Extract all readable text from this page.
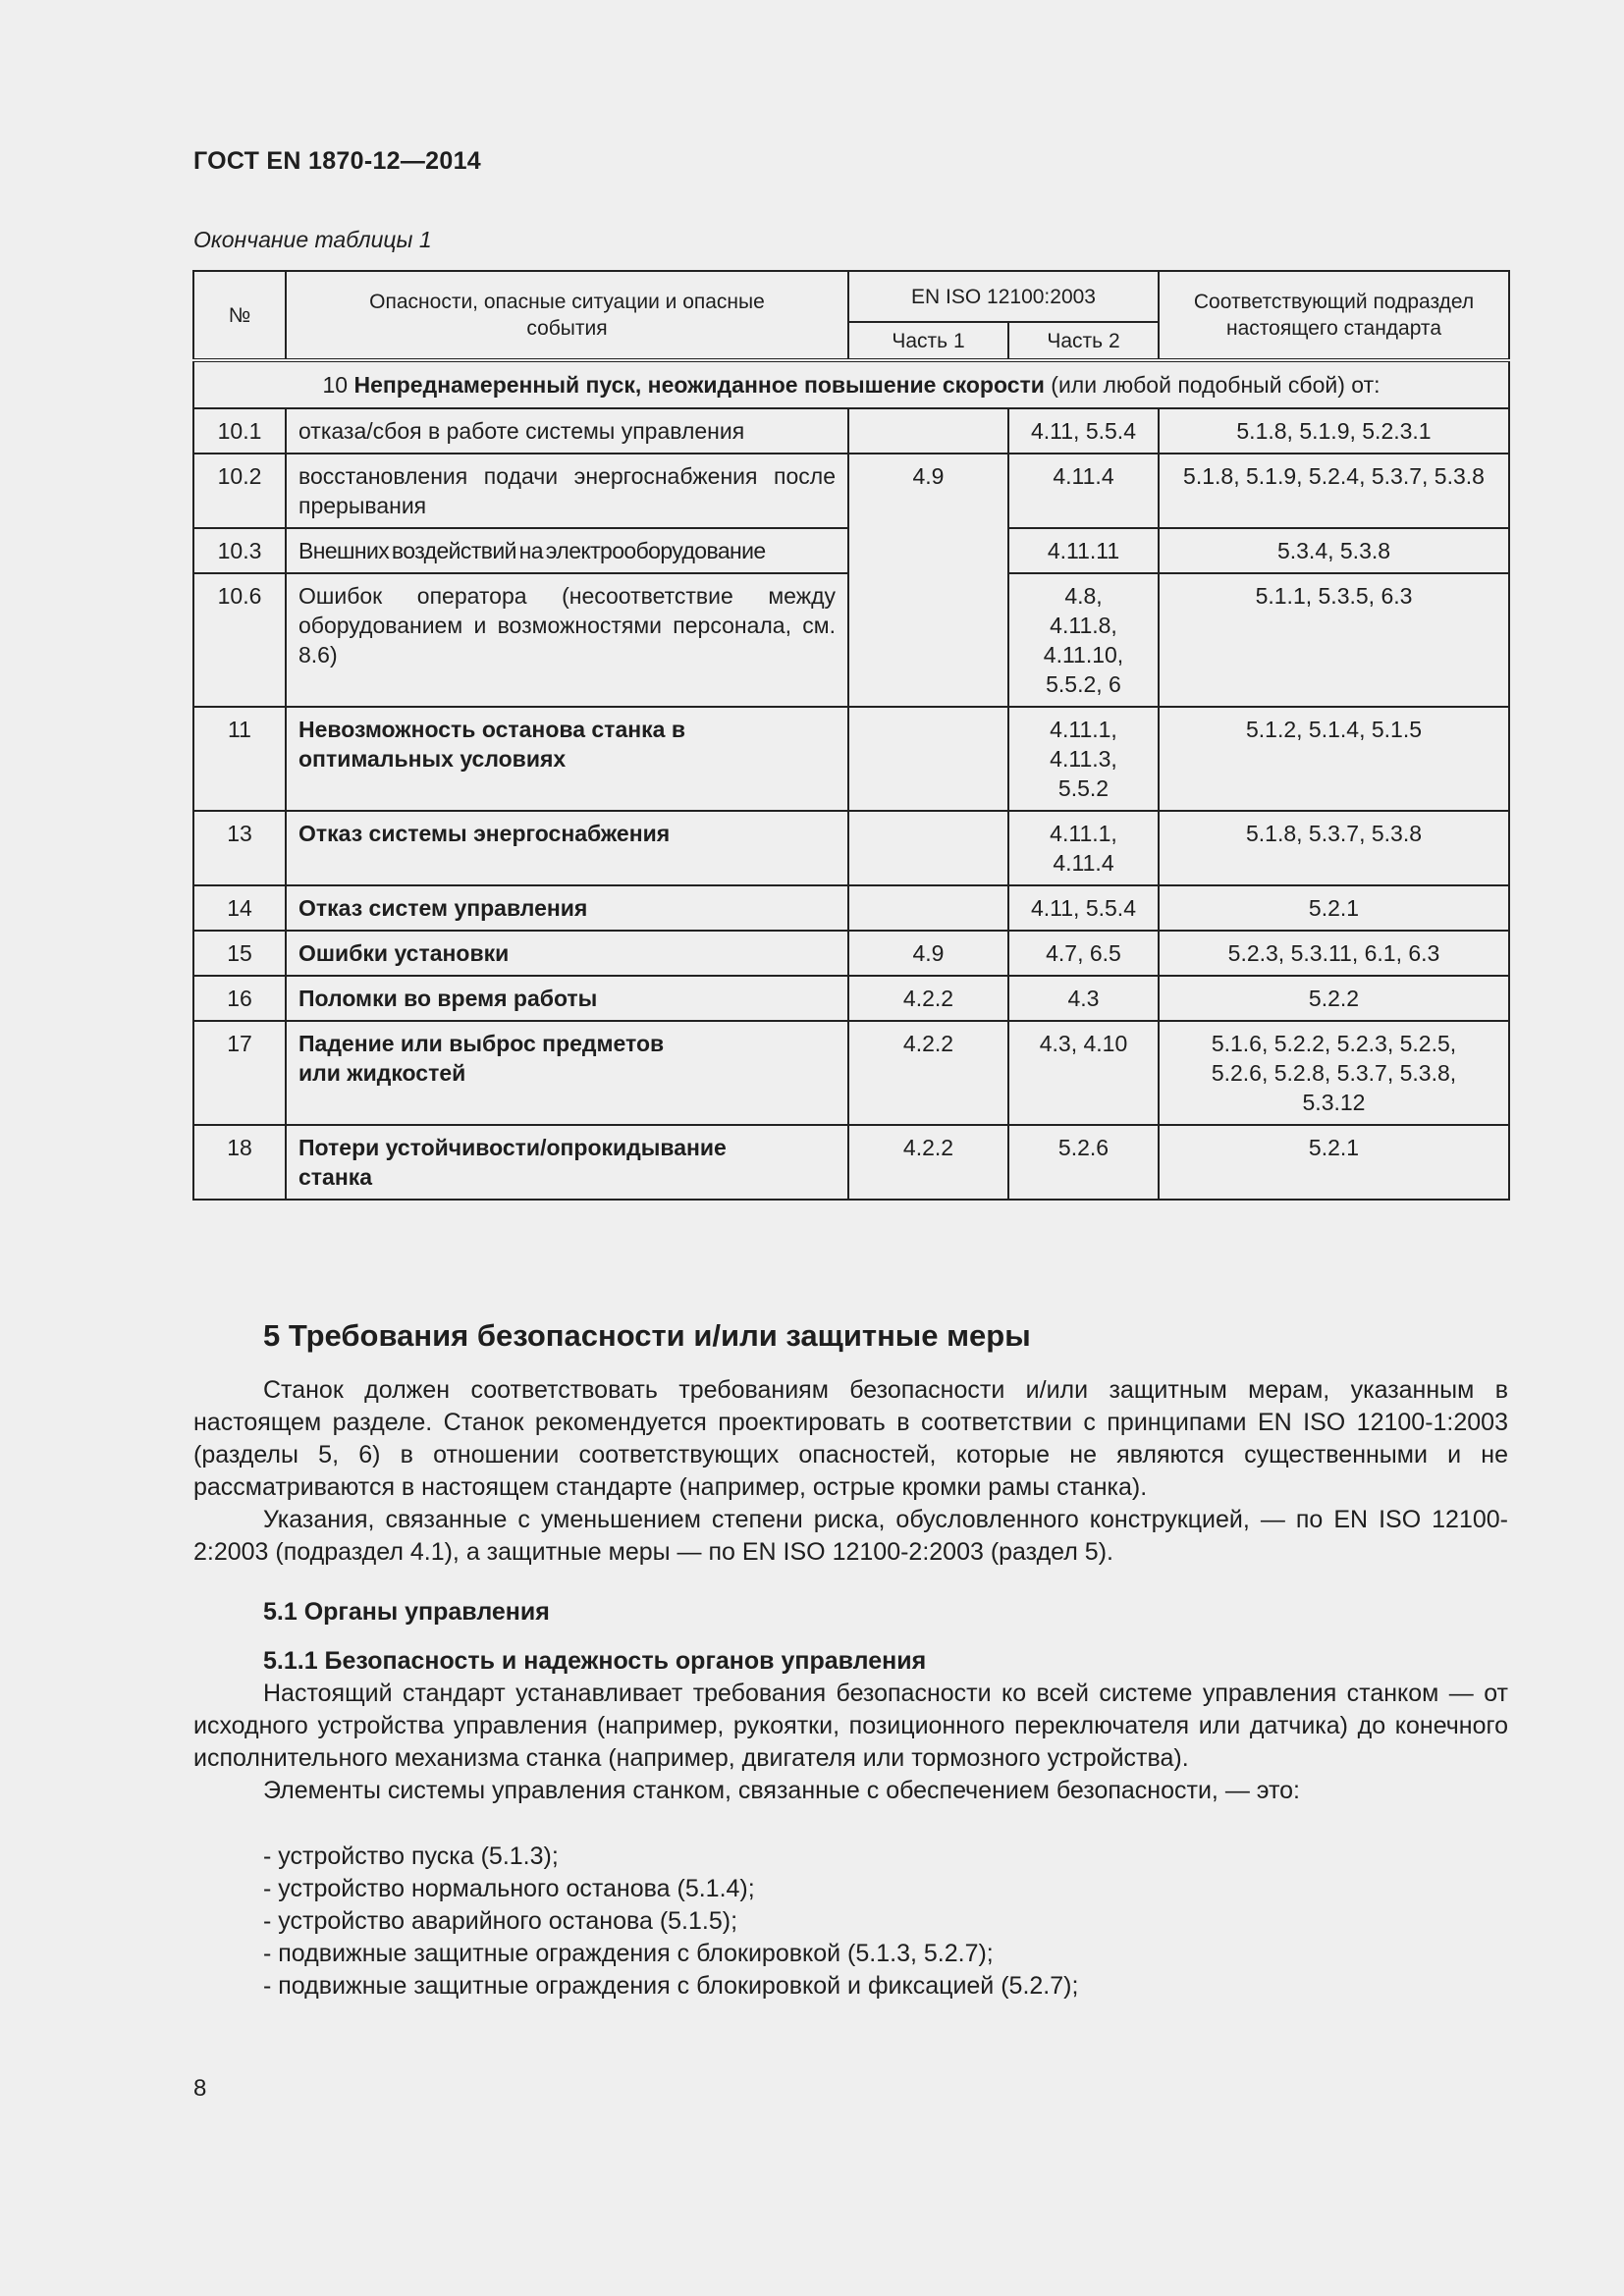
ГОСТ EN 1870-12—2014
Окончание таблицы 1
№	Опасности, опасные ситуации и опасные события	EN ISO 12100:2003		Соответствующий подраздел настоящего стандарта
		Часть 1	Часть 2	
10 Непреднамеренный пуск, неожиданное повышение скорости (или любой подобный сбой) от:				
10.1	отказа/сбоя в работе системы управления		4.11, 5.5.4	5.1.8, 5.1.9, 5.2.3.1
10.2	восстановления подачи энергоснабжения после прерывания	4.9	4.11.4	5.1.8, 5.1.9, 5.2.4, 5.3.7, 5.3.8
10.3	Внешних воздействий на электрооборудование		4.11.11	5.3.4, 5.3.8
10.6	Ошибок оператора (несоответствие между оборудованием и возможностями персонала, см. 8.6)		4.8, 4.11.8, 4.11.10, 5.5.2, 6	5.1.1, 5.3.5, 6.3
11	Невозможность останова станка в оптимальных условиях		4.11.1, 4.11.3, 5.5.2	5.1.2, 5.1.4, 5.1.5
13	Отказ системы энергоснабжения		4.11.1, 4.11.4	5.1.8, 5.3.7, 5.3.8
14	Отказ систем управления		4.11, 5.5.4	5.2.1
15	Ошибки установки	4.9	4.7, 6.5	5.2.3, 5.3.11, 6.1, 6.3
16	Поломки во время работы	4.2.2	4.3	5.2.2
17	Падение или выброс предметов или жидкостей	4.2.2	4.3, 4.10	5.1.6, 5.2.2, 5.2.3, 5.2.5, 5.2.6, 5.2.8, 5.3.7, 5.3.8, 5.3.12
18	Потери устойчивости/опрокидывание станка	4.2.2	5.2.6	5.2.1
5 Требования безопасности и/или защитные меры

Станок должен соответствовать требованиям безопасности и/или защитным мерам, указанным в настоящем разделе. Станок рекомендуется проектировать в соответствии с принципами EN ISO 12100-1:2003 (разделы 5, 6) в отношении соответствующих опасностей, которые не являются существенными и не рассматриваются в настоящем стандарте (например, острые кромки рамы станка).

Указания, связанные с уменьшением степени риска, обусловленного конструкцией, — по EN ISO 12100-2:2003 (подраздел 4.1), а защитные меры — по EN ISO 12100-2:2003 (раздел 5).

5.1 Органы управления
5.1.1 Безопасность и надежность органов управления

Настоящий стандарт устанавливает требования безопасности ко всей системе управления станком — от исходного устройства управления (например, рукоятки, позиционного переключателя или датчика) до конечного исполнительного механизма станка (например, двигателя или тормозного устройства).

Элементы системы управления станком, связанные с обеспечением безопасности, — это:

- устройство пуска (5.1.3);
- устройство нормального останова (5.1.4);
- устройство аварийного останова (5.1.5);
- подвижные защитные ограждения с блокировкой (5.1.3, 5.2.7);
- подвижные защитные ограждения с блокировкой и фиксацией (5.2.7);
8
